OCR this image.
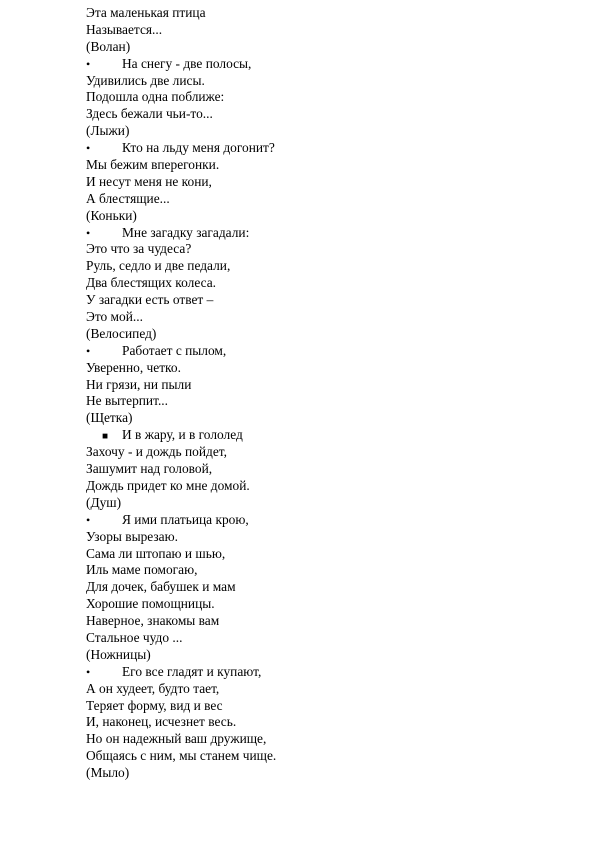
Эта маленькая птица
Называется...
(Волан)
• На снегу - две полосы,
Удивились две лисы.
Подошла одна поближе:
Здесь бежали чьи-то...
(Лыжи)
• Кто на льду меня догонит?
Мы бежим вперегонки.
И несут меня не кони,
А блестящие...
(Коньки)
• Мне загадку загадали:
Это что за чудеса?
Руль, седло и две педали,
Два блестящих колеса.
У загадки есть ответ –
Это мой...
(Велосипед)
• Работает с пылом,
Уверенно, четко.
Ни грязи, ни пыли
Не вытерпит...
(Щетка)
■ И в жару, и в гололед
Захочу - и дождь пойдет,
Зашумит над головой,
Дождь придет ко мне домой.
(Душ)
• Я ими платьица крою,
Узоры вырезаю.
Сама ли штопаю и шью,
Иль маме помогаю,
Для дочек, бабушек и мам
Хорошие помощницы.
Наверное, знакомы вам
Стальное чудо ...
(Ножницы)
• Его все гладят и купают,
А он худеет, будто тает,
Теряет форму, вид и вес
И, наконец, исчезнет весь.
Но он надежный ваш дружище,
Общаясь с ним, мы станем чище.
(Мыло)
